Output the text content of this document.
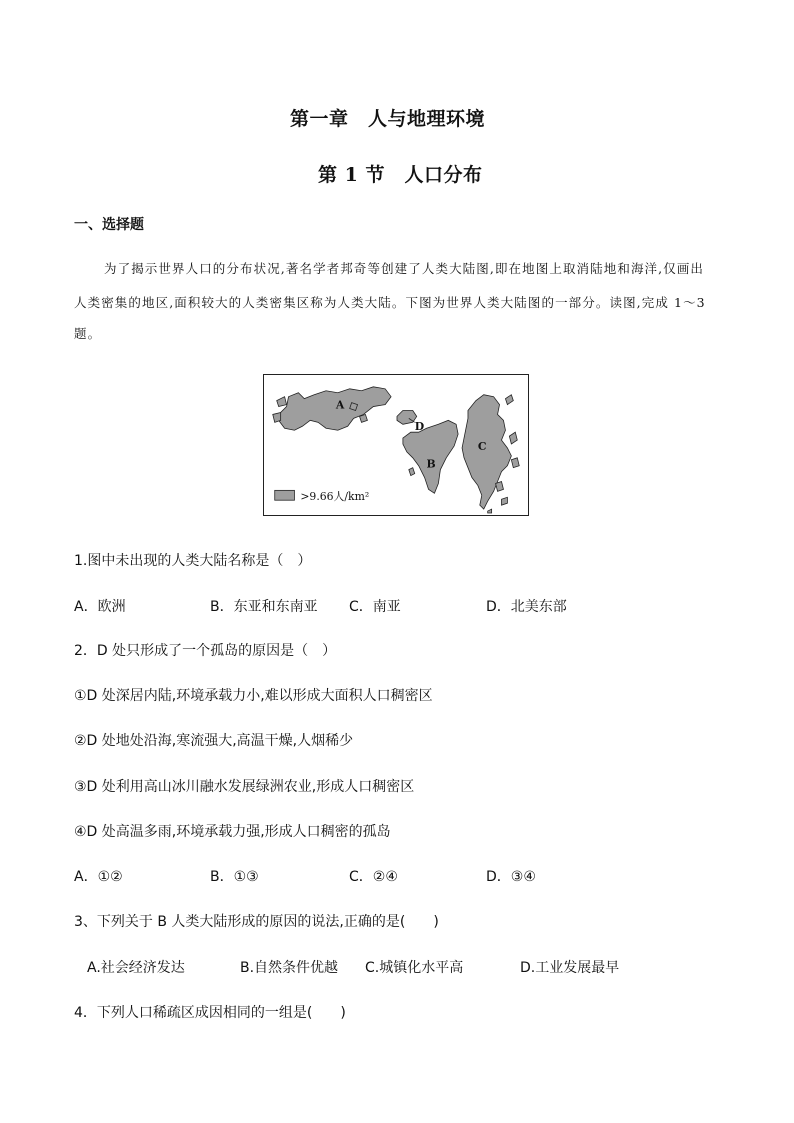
第一章　人与地理环境
第 1 节　人口分布
一、选择题
为了揭示世界人口的分布状况,著名学者邦奇等创建了人类大陆图,即在地图上取消陆地和海洋,仅画出
人类密集的地区,面积较大的人类密集区称为人类大陆。下图为世界人类大陆图的一部分。读图,完成 1～3
题。
A
D
B
C
>9.66人/km²
1.图中未出现的人类大陆名称是（　）
A．欧洲	B．东亚和东南亚 C．南亚	D．北美东部
2．D 处只形成了一个孤岛的原因是（　）
①D 处深居内陆,环境承载力小,难以形成大面积人口稠密区
②D 处地处沿海,寒流强大,高温干燥,人烟稀少
③D 处利用高山冰川融水发展绿洲农业,形成人口稠密区
④D 处高温多雨,环境承载力强,形成人口稠密的孤岛
A．①②	B．①③	C．②④	D．③④
3、下列关于 B 人类大陆形成的原因的说法,正确的是(　　)
A.社会经济发达	B.自然条件优越 C.城镇化水平高	D.工业发展最早
4．下列人口稀疏区成因相同的一组是(　　)
